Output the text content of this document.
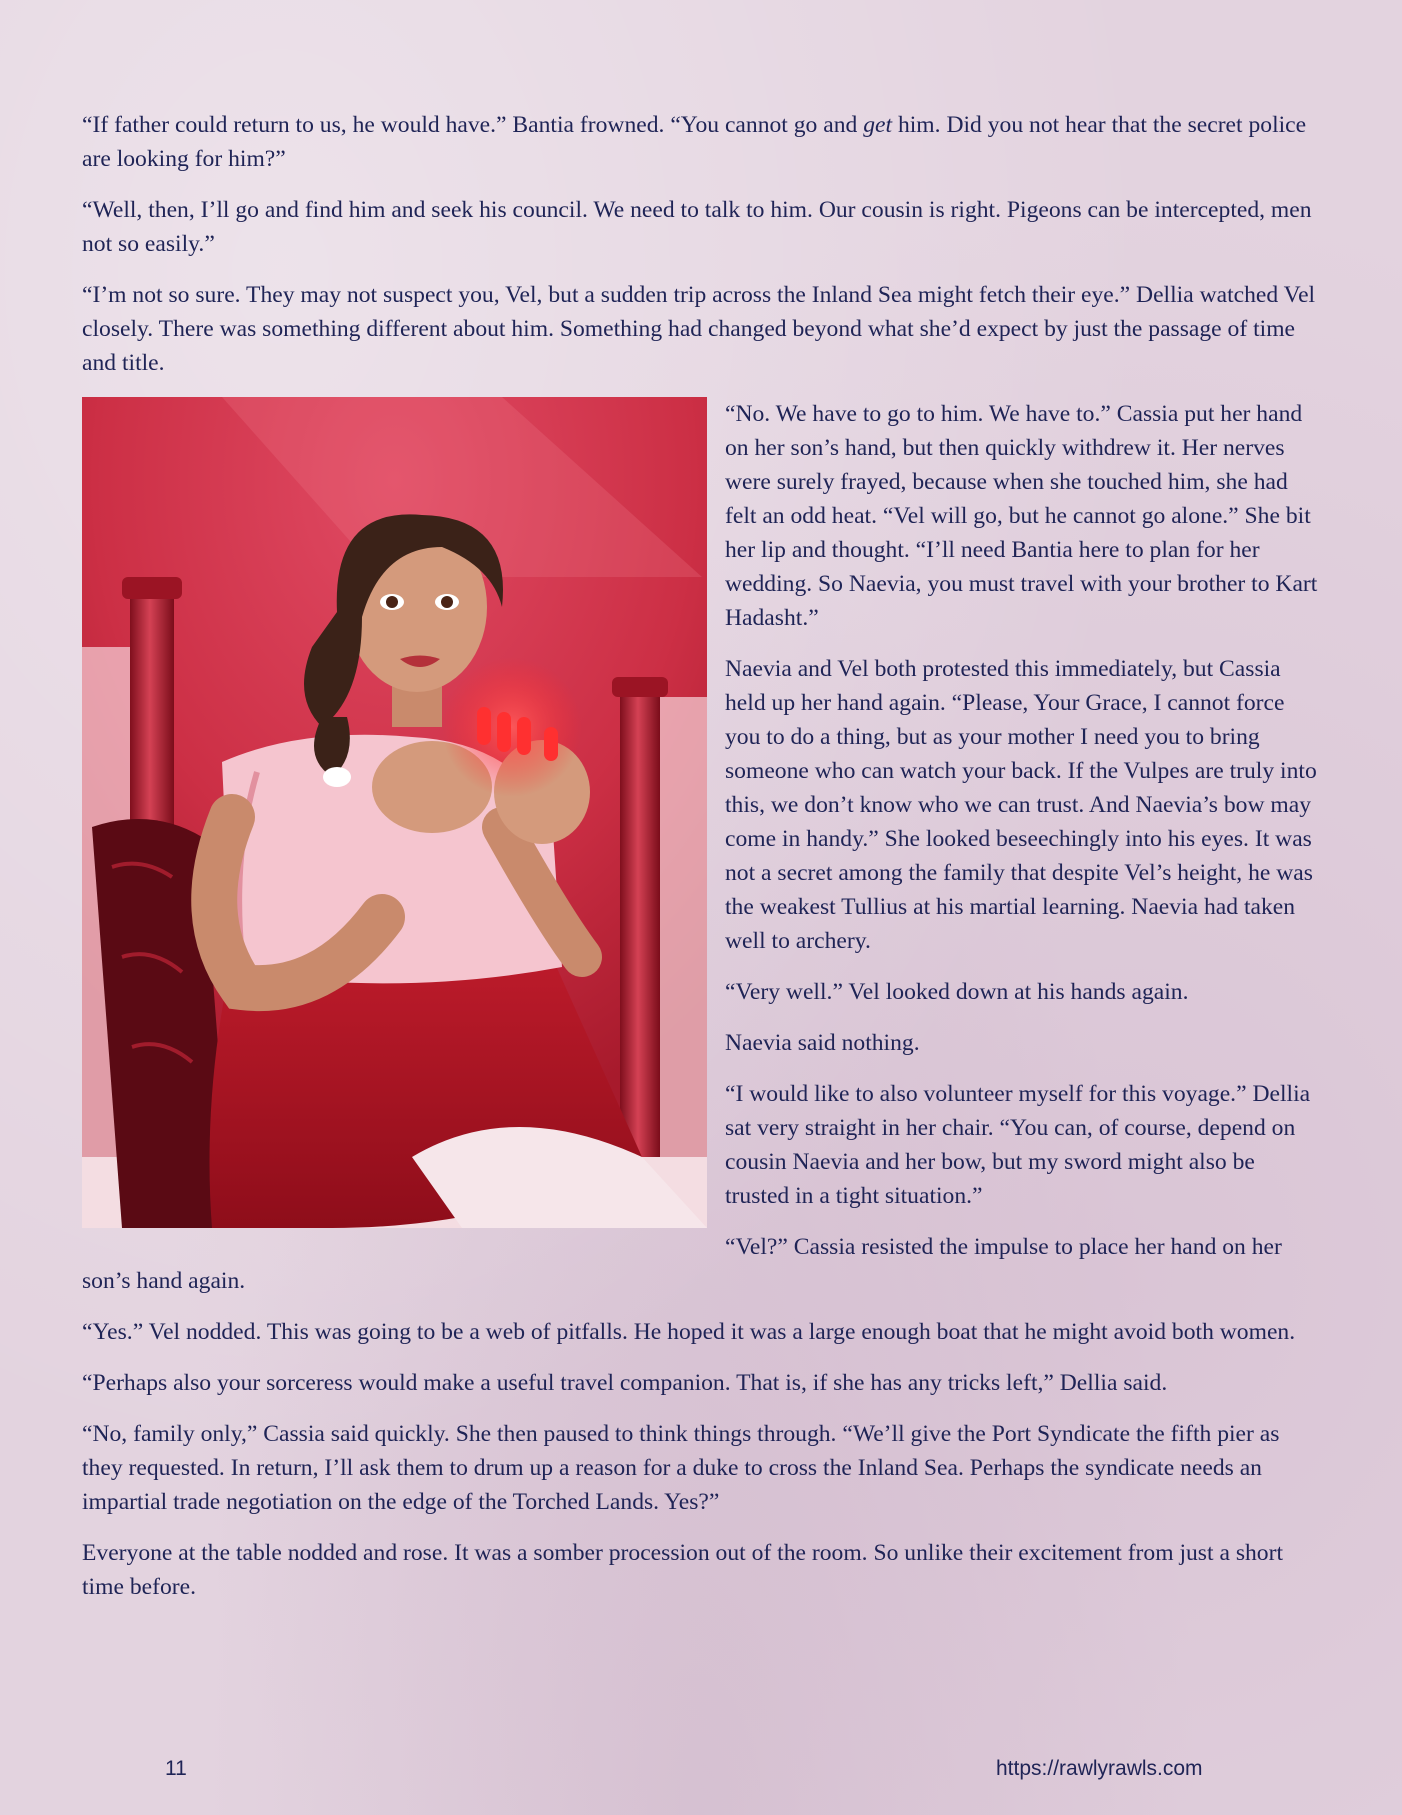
“If father could return to us, he would have.” Bantia frowned. “You cannot go and get him. Did you not hear that the secret police are looking for him?”

“Well, then, I’ll go and find him and seek his council. We need to talk to him. Our cousin is right. Pigeons can be intercepted, men not so easily.”

“I’m not so sure. They may not suspect you, Vel, but a sudden trip across the Inland Sea might fetch their eye.” Dellia watched Vel closely. There was something different about him. Something had changed beyond what she’d expect by just the passage of time and title.

“No. We have to go to him. We have to.” Cassia put her hand on her son’s hand, but then quickly withdrew it. Her nerves were surely frayed, because when she touched him, she had felt an odd heat. “Vel will go, but he cannot go alone.” She bit her lip and thought. “I’ll need Bantia here to plan for her wedding. So Naevia, you must travel with your brother to Kart Hadasht.”

Naevia and Vel both protested this immediately, but Cassia held up her hand again. “Please, Your Grace, I cannot force you to do a thing, but as your mother I need you to bring someone who can watch your back. If the Vulpes are truly into this, we don’t know who we can trust. And Naevia’s bow may come in handy.” She looked beseechingly into his eyes. It was not a secret among the family that despite Vel’s height, he was the weakest Tullius at his martial learning. Naevia had taken well to archery.

“Very well.” Vel looked down at his hands again.

Naevia said nothing.

“I would like to also volunteer myself for this voyage.” Dellia sat very straight in her chair. “You can, of course, depend on cousin Naevia and her bow, but my sword might also be trusted in a tight situation.”

“Vel?” Cassia resisted the impulse to place her hand on her son’s hand again.

“Yes.” Vel nodded. This was going to be a web of pitfalls. He hoped it was a large enough boat that he might avoid both women.

“Perhaps also your sorceress would make a useful travel companion. That is, if she has any tricks left,” Dellia said.

“No, family only,” Cassia said quickly. She then paused to think things through. “We’ll give the Port Syndicate the fifth pier as they requested. In return, I’ll ask them to drum up a reason for a duke to cross the Inland Sea. Perhaps the syndicate needs an impartial trade negotiation on the edge of the Torched Lands. Yes?”

Everyone at the table nodded and rose. It was a somber procession out of the room. So unlike their excitement from just a short time before.

11	https://rawlyrawls.com
